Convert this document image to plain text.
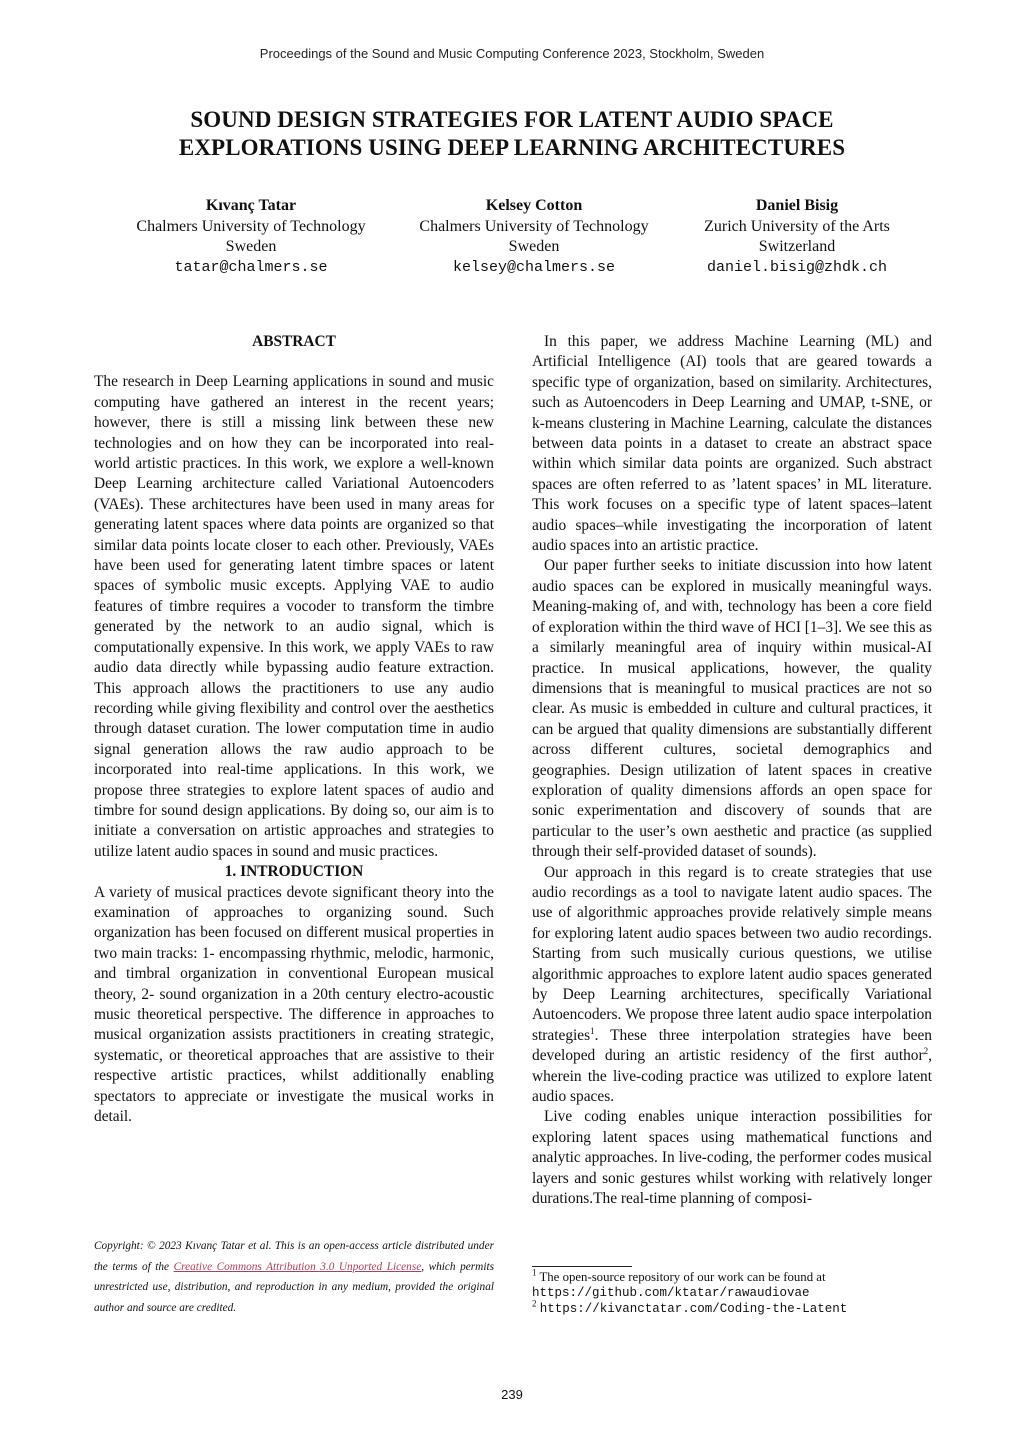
Proceedings of the Sound and Music Computing Conference 2023, Stockholm, Sweden
SOUND DESIGN STRATEGIES FOR LATENT AUDIO SPACE
EXPLORATIONS USING DEEP LEARNING ARCHITECTURES
Kıvanç Tatar
Chalmers University of Technology
Sweden
tatar@chalmers.se
Kelsey Cotton
Chalmers University of Technology
Sweden
kelsey@chalmers.se
Daniel Bisig
Zurich University of the Arts
Switzerland
daniel.bisig@zhdk.ch

ABSTRACT

The research in Deep Learning applications in sound and music computing have gathered an interest in the recent years; however, there is still a missing link between these new technologies and on how they can be incorporated into real-world artistic practices. In this work, we explore a well-known Deep Learning architecture called Variational Autoencoders (VAEs). These architectures have been used in many areas for generating latent spaces where data points are organized so that similar data points locate closer to each other. Previously, VAEs have been used for generating latent timbre spaces or latent spaces of symbolic music excepts. Applying VAE to audio features of timbre requires a vocoder to transform the timbre generated by the network to an audio signal, which is computationally expensive. In this work, we apply VAEs to raw audio data directly while bypassing audio feature extraction. This approach allows the practitioners to use any audio recording while giving flexibility and control over the aesthetics through dataset curation. The lower computation time in audio signal generation allows the raw audio approach to be incorporated into real-time applications. In this work, we propose three strategies to explore latent spaces of audio and timbre for sound design applications. By doing so, our aim is to initiate a conversation on artistic approaches and strategies to utilize latent audio spaces in sound and music practices.

1. INTRODUCTION

A variety of musical practices devote significant theory into the examination of approaches to organizing sound. Such organization has been focused on different musical properties in two main tracks: 1- encompassing rhythmic, melodic, harmonic, and timbral organization in conventional European musical theory, 2- sound organization in a 20th century electro-acoustic music theoretical perspective. The difference in approaches to musical organization assists practitioners in creating strategic, systematic, or theoretical approaches that are assistive to their respective artistic practices, whilst additionally enabling spectators to appreciate or investigate the musical works in detail.

In this paper, we address Machine Learning (ML) and Artificial Intelligence (AI) tools that are geared towards a specific type of organization, based on similarity. Architectures, such as Autoencoders in Deep Learning and UMAP, t-SNE, or k-means clustering in Machine Learning, calculate the distances between data points in a dataset to create an abstract space within which similar data points are organized. Such abstract spaces are often referred to as ’latent spaces’ in ML literature. This work focuses on a specific type of latent spaces–latent audio spaces–while investigating the incorporation of latent audio spaces into an artistic practice.

Our paper further seeks to initiate discussion into how latent audio spaces can be explored in musically meaningful ways. Meaning-making of, and with, technology has been a core field of exploration within the third wave of HCI [1–3]. We see this as a similarly meaningful area of inquiry within musical-AI practice. In musical applications, however, the quality dimensions that is meaningful to musical practices are not so clear. As music is embedded in culture and cultural practices, it can be argued that quality dimensions are substantially different across different cultures, societal demographics and geographies. Design utilization of latent spaces in creative exploration of quality dimensions affords an open space for sonic experimentation and discovery of sounds that are particular to the user’s own aesthetic and practice (as supplied through their self-provided dataset of sounds).

Our approach in this regard is to create strategies that use audio recordings as a tool to navigate latent audio spaces. The use of algorithmic approaches provide relatively simple means for exploring latent audio spaces between two audio recordings. Starting from such musically curious questions, we utilise algorithmic approaches to explore latent audio spaces generated by Deep Learning architectures, specifically Variational Autoencoders. We propose three latent audio space interpolation strategies$^1$. These three interpolation strategies have been developed during an artistic residency of the first author$^2$, wherein the live-coding practice was utilized to explore latent audio spaces.

Live coding enables unique interaction possibilities for exploring latent spaces using mathematical functions and analytic approaches. In live-coding, the performer codes musical layers and sonic gestures whilst working with relatively longer durations.The real-time planning of composi-

Copyright: © 2023 Kıvanç Tatar et al. This is an open-access article distributed under the terms of the Creative Commons Attribution 3.0 Unported License, which permits unrestricted use, distribution, and reproduction in any medium, provided the original author and source are credited.

$^1$ The open-source repository of our work can be found at https://github.com/ktatar/rawaudiovae

$^2$ https://kivanctatar.com/Coding-the-Latent

239
